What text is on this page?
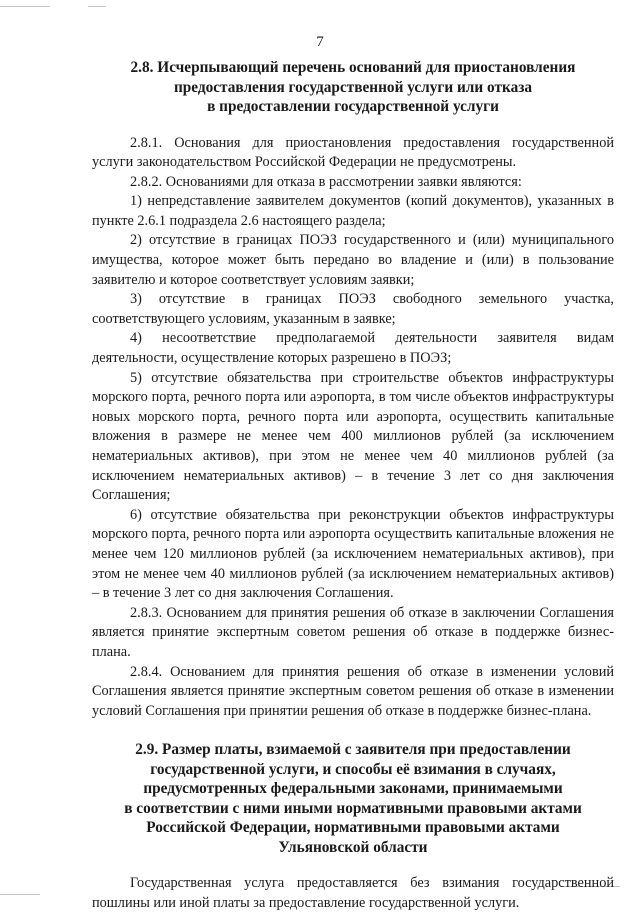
7
2.8. Исчерпывающий перечень оснований для приостановления
предоставления государственной услуги или отказа
в предоставлении государственной услуги

2.8.1. Основания для приостановления предоставления государственной услуги законодательством Российской Федерации не предусмотрены.

2.8.2. Основаниями для отказа в рассмотрении заявки являются:

1) непредставление заявителем документов (копий документов), указанных в пункте 2.6.1 подраздела 2.6 настоящего раздела;

2) отсутствие в границах ПОЭЗ государственного и (или) муниципального имущества, которое может быть передано во владение и (или) в пользование заявителю и которое соответствует условиям заявки;

3) отсутствие в границах ПОЭЗ свободного земельного участка, соответствующего условиям, указанным в заявке;

4) несоответствие предполагаемой деятельности заявителя видам деятельности, осуществление которых разрешено в ПОЭЗ;

5) отсутствие обязательства при строительстве объектов инфраструктуры морского порта, речного порта или аэропорта, в том числе объектов инфраструктуры новых морского порта, речного порта или аэропорта, осуществить капитальные вложения в размере не менее чем 400 миллионов рублей (за исключением нематериальных активов), при этом не менее чем 40 миллионов рублей (за исключением нематериальных активов) – в течение 3 лет со дня заключения Соглашения;

6) отсутствие обязательства при реконструкции объектов инфраструктуры морского порта, речного порта или аэропорта осуществить капитальные вложения не менее чем 120 миллионов рублей (за исключением нематериальных активов), при этом не менее чем 40 миллионов рублей (за исключением нематериальных активов) – в течение 3 лет со дня заключения Соглашения.

2.8.3. Основанием для принятия решения об отказе в заключении Соглашения является принятие экспертным советом решения об отказе в поддержке бизнес-плана.

2.8.4. Основанием для принятия решения об отказе в изменении условий Соглашения является принятие экспертным советом решения об отказе в изменении условий Соглашения при принятии решения об отказе в поддержке бизнес-плана.

2.9. Размер платы, взимаемой с заявителя при предоставлении
государственной услуги, и способы её взимания в случаях,
предусмотренных федеральными законами, принимаемыми
в соответствии с ними иными нормативными правовыми актами
Российской Федерации, нормативными правовыми актами
Ульяновской области

Государственная услуга предоставляется без взимания государственной пошлины или иной платы за предоставление государственной услуги.
